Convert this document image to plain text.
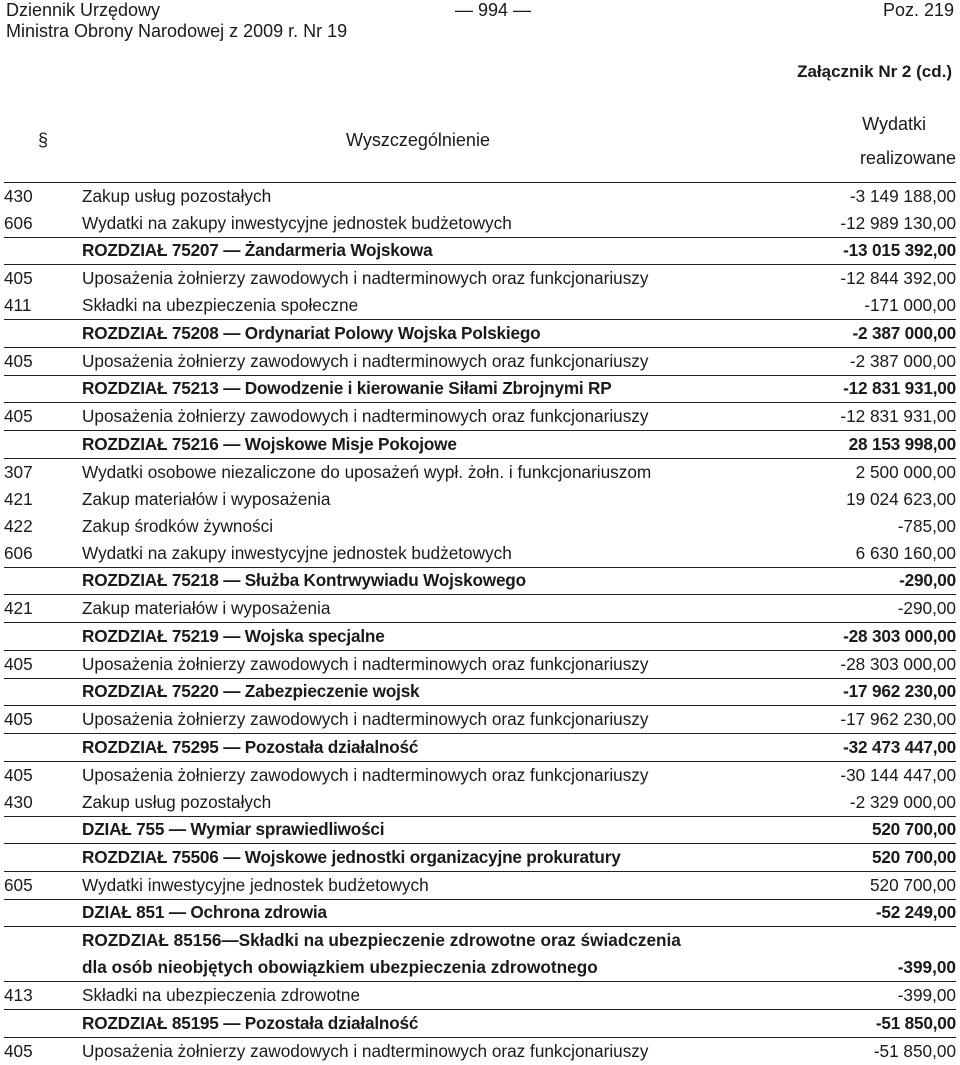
Dziennik Urzędowy
Ministra Obrony Narodowej z 2009 r. Nr 19
— 994 —	Poz. 219
Załącznik Nr 2 (cd.)
§	Wyszczególnienie	Wydatki
realizowane

430	Zakup usług pozostałych	-3 149 188,00
606	Wydatki na zakupy inwestycyjne jednostek budżetowych	-12 989 130,00
	ROZDZIAŁ 75207 — Żandarmeria Wojskowa	-13 015 392,00
405	Uposażenia żołnierzy zawodowych i nadterminowych oraz funkcjonariuszy	-12 844 392,00
411	Składki na ubezpieczenia społeczne	-171 000,00
	ROZDZIAŁ 75208 — Ordynariat Polowy Wojska Polskiego	-2 387 000,00
405	Uposażenia żołnierzy zawodowych i nadterminowych oraz funkcjonariuszy	-2 387 000,00
	ROZDZIAŁ 75213 — Dowodzenie i kierowanie Siłami Zbrojnymi RP	-12 831 931,00
405	Uposażenia żołnierzy zawodowych i nadterminowych oraz funkcjonariuszy	-12 831 931,00
	ROZDZIAŁ 75216 — Wojskowe Misje Pokojowe	28 153 998,00
307	Wydatki osobowe niezaliczone do uposażeń wypł. żołn. i funkcjonariuszom	2 500 000,00
421	Zakup materiałów i wyposażenia	19 024 623,00
422	Zakup środków żywności	-785,00
606	Wydatki na zakupy inwestycyjne jednostek budżetowych	6 630 160,00
	ROZDZIAŁ 75218 — Służba Kontrwywiadu Wojskowego	-290,00
421	Zakup materiałów i wyposażenia	-290,00
	ROZDZIAŁ 75219 — Wojska specjalne	-28 303 000,00
405	Uposażenia żołnierzy zawodowych i nadterminowych oraz funkcjonariuszy	-28 303 000,00
	ROZDZIAŁ 75220 — Zabezpieczenie wojsk	-17 962 230,00
405	Uposażenia żołnierzy zawodowych i nadterminowych oraz funkcjonariuszy	-17 962 230,00
	ROZDZIAŁ 75295 — Pozostała działalność	-32 473 447,00
405	Uposażenia żołnierzy zawodowych i nadterminowych oraz funkcjonariuszy	-30 144 447,00
430	Zakup usług pozostałych	-2 329 000,00
	DZIAŁ 755 — Wymiar sprawiedliwości	520 700,00
	ROZDZIAŁ 75506 — Wojskowe jednostki organizacyjne prokuratury	520 700,00
605	Wydatki inwestycyjne jednostek budżetowych	520 700,00
	DZIAŁ 851 — Ochrona zdrowia	-52 249,00

	ROZDZIAŁ 85156—Składki na ubezpieczenie zdrowotne oraz świadczenia
dla osób nieobjętych obowiązkiem ubezpieczenia zdrowotnego	-399,00
413	Składki na ubezpieczenia zdrowotne	-399,00
	ROZDZIAŁ 85195 — Pozostała działalność	-51 850,00
405	Uposażenia żołnierzy zawodowych i nadterminowych oraz funkcjonariuszy	-51 850,00
